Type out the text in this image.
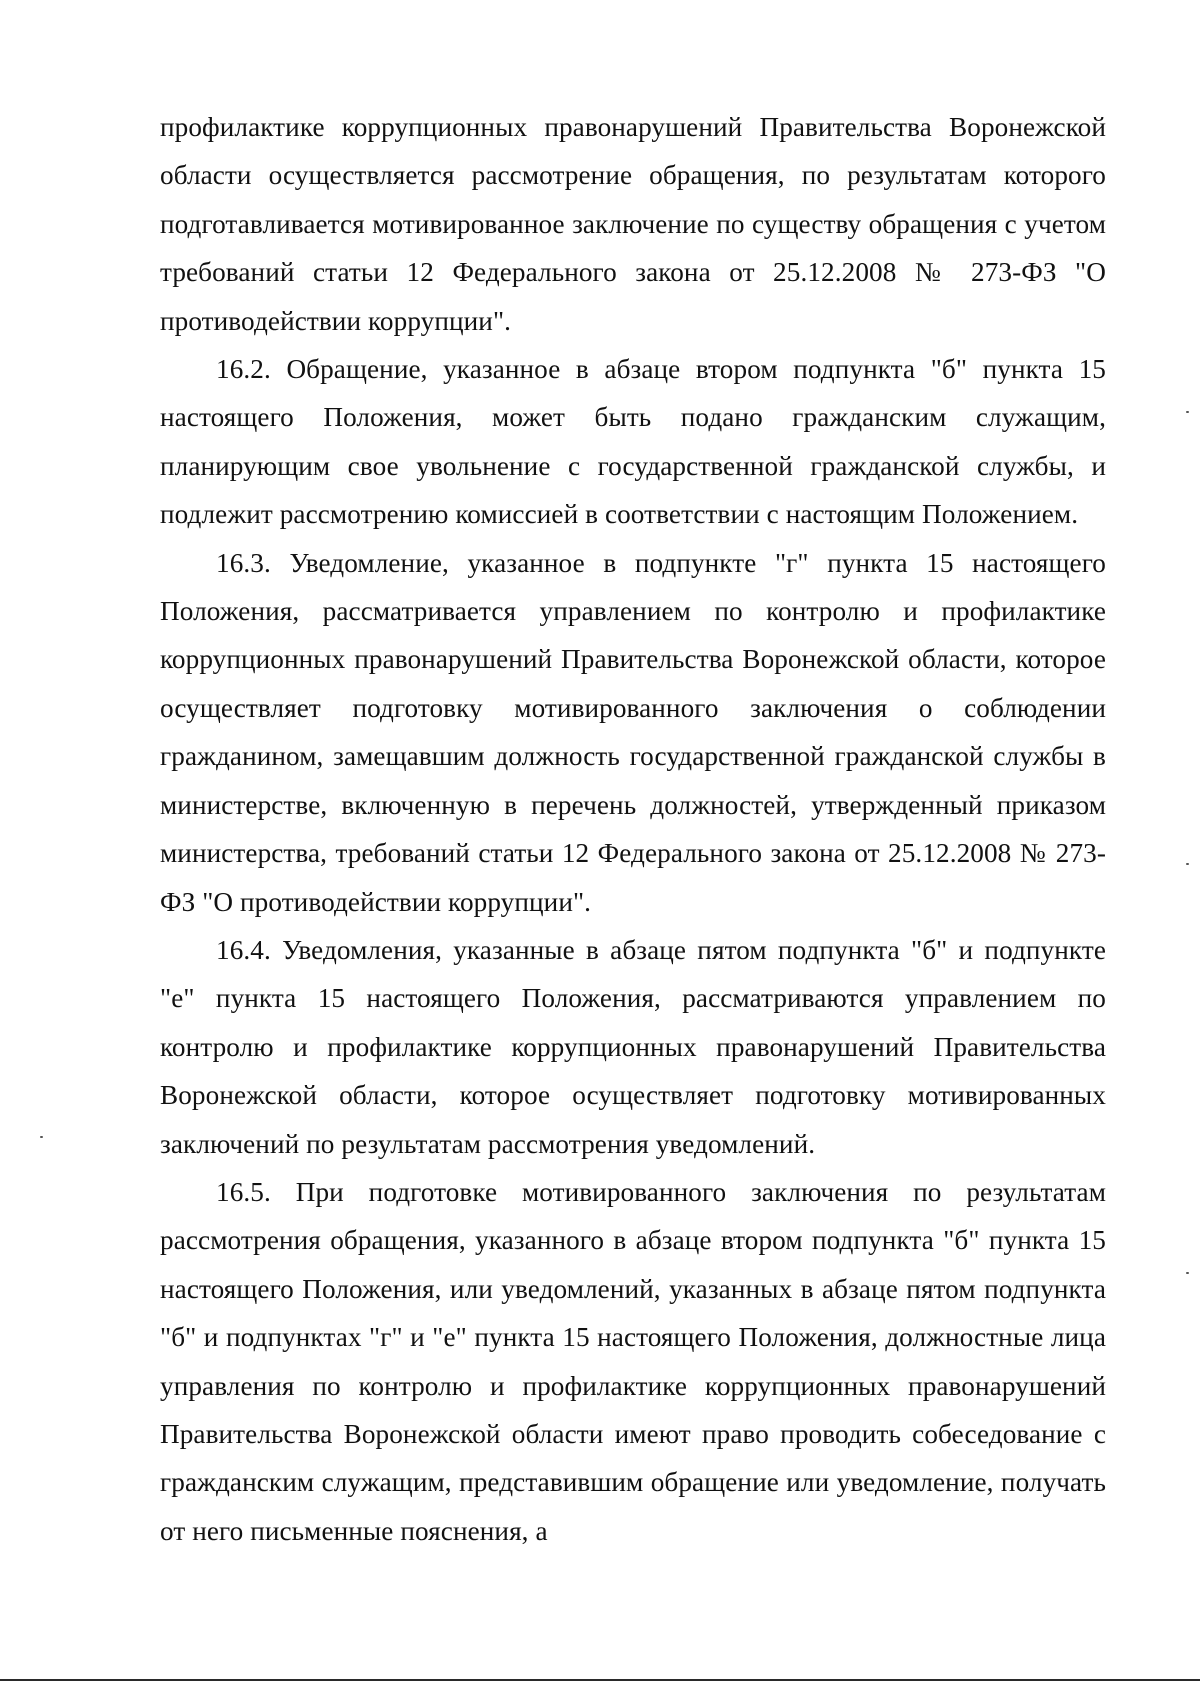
профилактике коррупционных правонарушений Правительства Воронежской области осуществляется рассмотрение обращения, по результатам которого подготавливается мотивированное заключение по существу обращения с учетом требований статьи 12 Федерального закона от 25.12.2008 № 273-ФЗ "О противодействии коррупции".

16.2. Обращение, указанное в абзаце втором подпункта "б" пункта 15 настоящего Положения, может быть подано гражданским служащим, планирующим свое увольнение с государственной гражданской службы, и подлежит рассмотрению комиссией в соответствии с настоящим Положением.

16.3. Уведомление, указанное в подпункте "г" пункта 15 настоящего Положения, рассматривается управлением по контролю и профилактике коррупционных правонарушений Правительства Воронежской области, которое осуществляет подготовку мотивированного заключения о соблюдении гражданином, замещавшим должность государственной гражданской службы в министерстве, включенную в перечень должностей, утвержденный приказом министерства, требований статьи 12 Федерального закона от 25.12.2008 № 273-ФЗ "О противодействии коррупции".

16.4. Уведомления, указанные в абзаце пятом подпункта "б" и подпункте "е" пункта 15 настоящего Положения, рассматриваются управлением по контролю и профилактике коррупционных правонарушений Правительства Воронежской области, которое осуществляет подготовку мотивированных заключений по результатам рассмотрения уведомлений.

16.5. При подготовке мотивированного заключения по результатам рассмотрения обращения, указанного в абзаце втором подпункта "б" пункта 15 настоящего Положения, или уведомлений, указанных в абзаце пятом подпункта "б" и подпунктах "г" и "е" пункта 15 настоящего Положения, должностные лица управления по контролю и профилактике коррупционных правонарушений Правительства Воронежской области имеют право проводить собеседование с гражданским служащим, представившим обращение или уведомление, получать от него письменные пояснения, а
